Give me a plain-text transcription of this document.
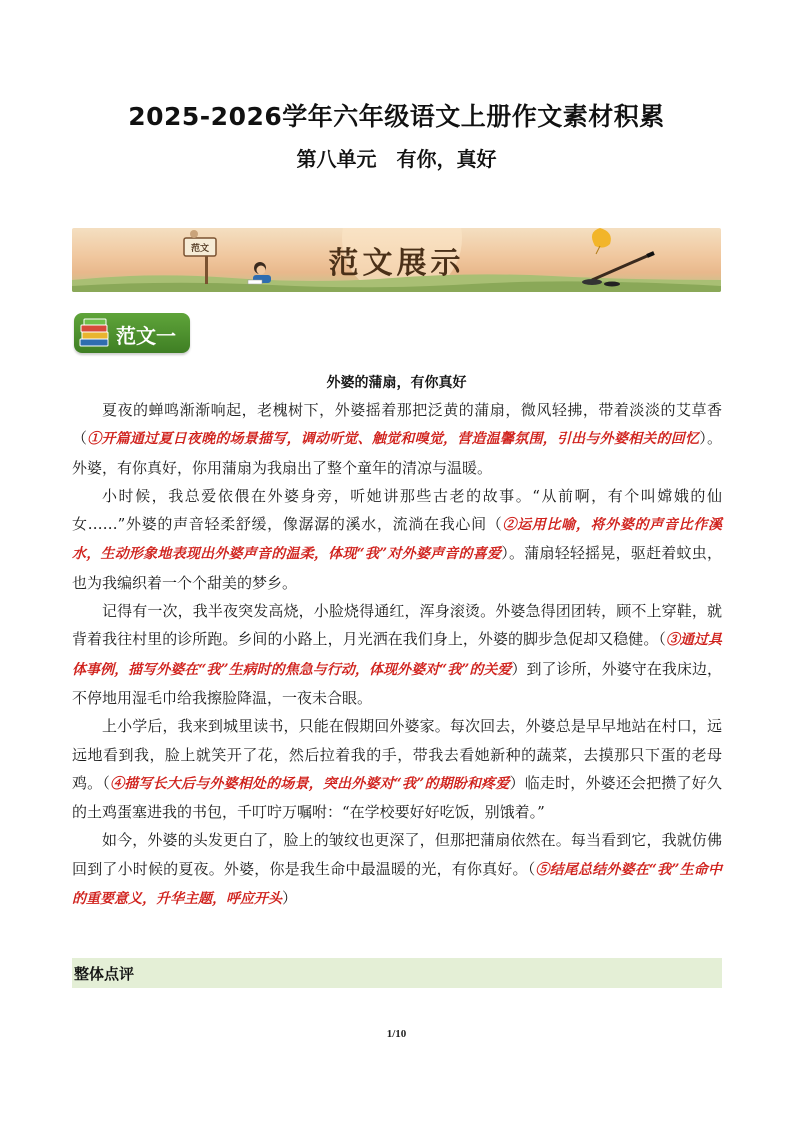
2025-2026学年六年级语文上册作文素材积累
第八单元　有你，真好
范文	范文展示
范文一
外婆的蒲扇，有你真好

夏夜的蝉鸣渐渐响起，老槐树下，外婆摇着那把泛黄的蒲扇，微风轻拂，带着淡淡的艾草香（①开篇通过夏日夜晚的场景描写，调动听觉、触觉和嗅觉，营造温馨氛围，引出与外婆相关的回忆）。外婆，有你真好，你用蒲扇为我扇出了整个童年的清凉与温暖。

小时候，我总爱依偎在外婆身旁，听她讲那些古老的故事。“从前啊，有个叫嫦娥的仙女……”外婆的声音轻柔舒缓，像潺潺的溪水，流淌在我心间（②运用比喻，将外婆的声音比作溪水，生动形象地表现出外婆声音的温柔，体现“我”对外婆声音的喜爱）。蒲扇轻轻摇晃，驱赶着蚊虫，也为我编织着一个个甜美的梦乡。

记得有一次，我半夜突发高烧，小脸烧得通红，浑身滚烫。外婆急得团团转，顾不上穿鞋，就背着我往村里的诊所跑。乡间的小路上，月光洒在我们身上，外婆的脚步急促却又稳健。（③通过具体事例，描写外婆在“我”生病时的焦急与行动，体现外婆对“我”的关爱）到了诊所，外婆守在我床边，不停地用湿毛巾给我擦脸降温，一夜未合眼。

上小学后，我来到城里读书，只能在假期回外婆家。每次回去，外婆总是早早地站在村口，远远地看到我，脸上就笑开了花，然后拉着我的手，带我去看她新种的蔬菜，去摸那只下蛋的老母鸡。（④描写长大后与外婆相处的场景，突出外婆对“我”的期盼和疼爱）临走时，外婆还会把攒了好久的土鸡蛋塞进我的书包，千叮咛万嘱咐：“在学校要好好吃饭，别饿着。”

如今，外婆的头发更白了，脸上的皱纹也更深了，但那把蒲扇依然在。每当看到它，我就仿佛回到了小时候的夏夜。外婆，你是我生命中最温暖的光，有你真好。（⑤结尾总结外婆在“我”生命中的重要意义，升华主题，呼应开头）

整体点评
1/10
